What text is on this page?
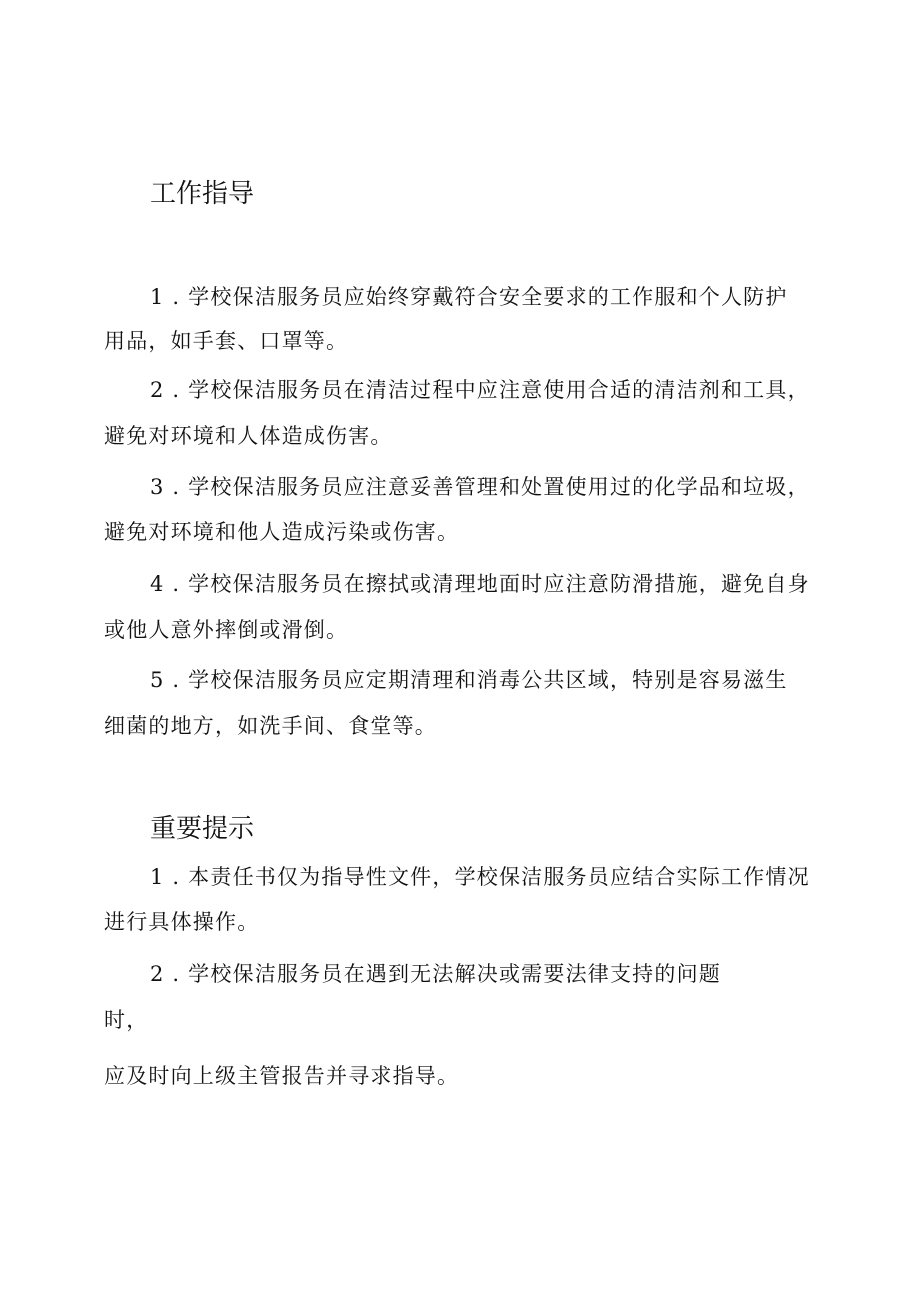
工作指导

1 . 学校保洁服务员应始终穿戴符合安全要求的工作服和个人防护

用品，如手套、口罩等。

2 . 学校保洁服务员在清洁过程中应注意使用合适的清洁剂和工具，

避免对环境和人体造成伤害。

3 . 学校保洁服务员应注意妥善管理和处置使用过的化学品和垃圾，

避免对环境和他人造成污染或伤害。

4 . 学校保洁服务员在擦拭或清理地面时应注意防滑措施，避免自身

或他人意外摔倒或滑倒。

5 . 学校保洁服务员应定期清理和消毒公共区域，特别是容易滋生

细菌的地方，如洗手间、食堂等。

重要提示

1 . 本责任书仅为指导性文件，学校保洁服务员应结合实际工作情况

进行具体操作。

2 . 学校保洁服务员在遇到无法解决或需要法律支持的问题

时，

应及时向上级主管报告并寻求指导。
